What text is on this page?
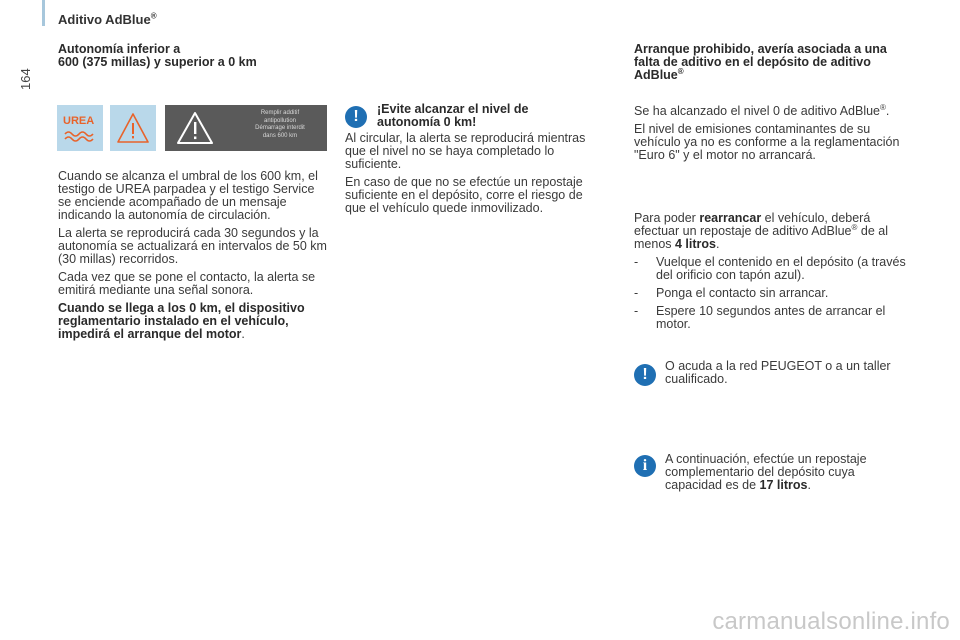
Aditivo AdBlue®
164
Autonomía inferior a
600 (375 millas) y superior a 0 km
UREA
Remplir additif
antipollution
Démarrage interdit
dans 600 km

Cuando se alcanza el umbral de los 600 km, el testigo de UREA parpadea y el testigo Service se enciende acompañado de un mensaje indicando la autonomía de circulación.

La alerta se reproducirá cada 30 segundos y la autonomía se actualizará en intervalos de 50 km (30 millas) recorridos.

Cada vez que se pone el contacto, la alerta se emitirá mediante una señal sonora.

Cuando se llega a los 0 km, el dispositivo reglamentario instalado en el vehículo, impedirá el arranque del motor.

!	¡Evite alcanzar el nivel de autonomía 0 km!

Al circular, la alerta se reproducirá mientras que el nivel no se haya completado lo suficiente.

En caso de que no se efectúe un repostaje suficiente en el depósito, corre el riesgo de que el vehículo quede inmovilizado.

Arranque prohibido, avería asociada a una falta de aditivo en el depósito de aditivo AdBlue®

Se ha alcanzado el nivel 0 de aditivo AdBlue®.

El nivel de emisiones contaminantes de su vehículo ya no es conforme a la reglamentación "Euro 6" y el motor no arrancará.

Para poder rearrancar el vehículo, deberá efectuar un repostaje de aditivo AdBlue® de al menos 4 litros.

- Vuelque el contenido en el depósito (a través del orificio con tapón azul).
- Ponga el contacto sin arrancar.
- Espere 10 segundos antes de arrancar el motor.
!	O acuda a la red PEUGEOT o a un taller cualificado.

i	A continuación, efectúe un repostaje complementario del depósito cuya capacidad es de 17 litros.

carmanualsonline.info
